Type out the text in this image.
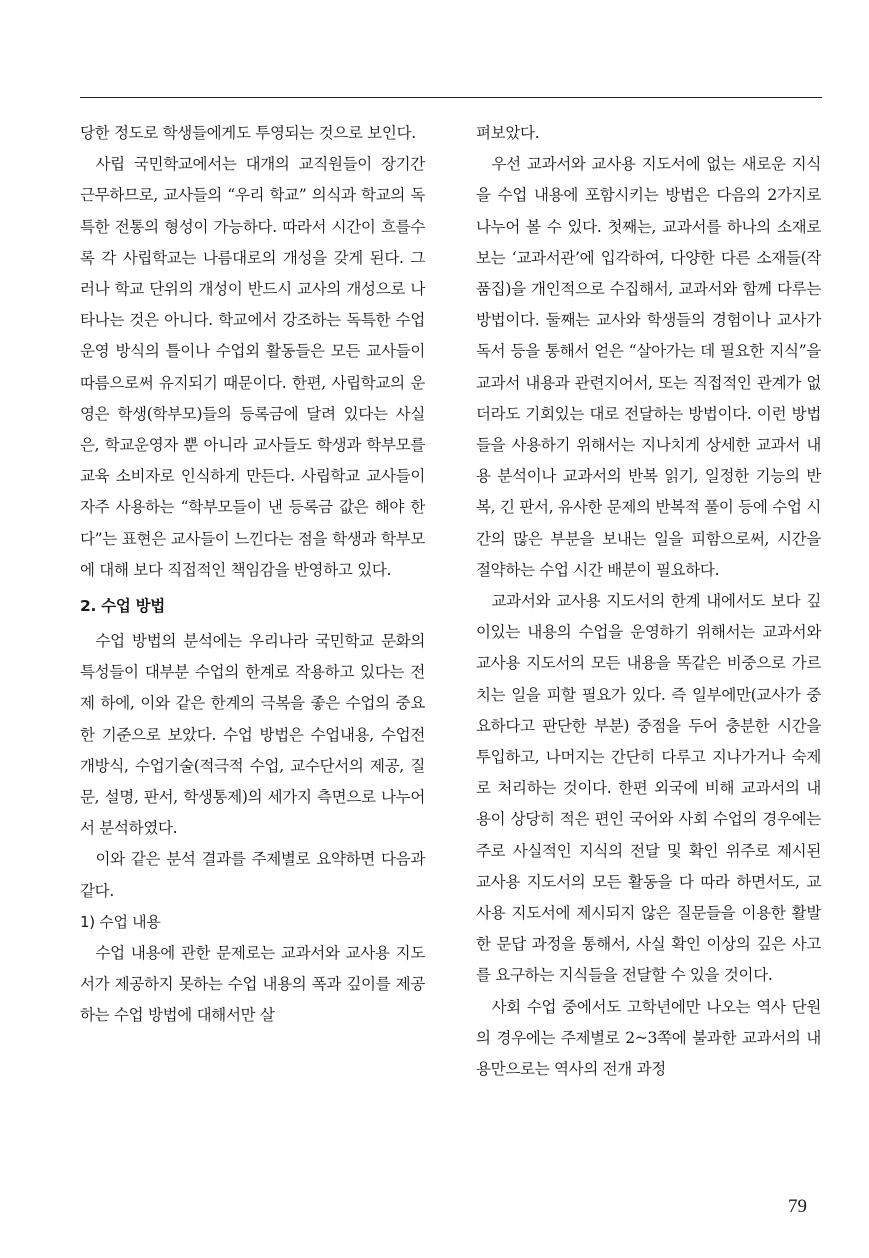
당한 정도로 학생들에게도 투영되는 것으로 보인다.

사립 국민학교에서는 대개의 교직원들이 장기간 근무하므로, 교사들의 “우리 학교” 의식과 학교의 독특한 전통의 형성이 가능하다. 따라서 시간이 흐를수록 각 사립학교는 나름대로의 개성을 갖게 된다. 그러나 학교 단위의 개성이 반드시 교사의 개성으로 나타나는 것은 아니다. 학교에서 강조하는 독특한 수업 운영 방식의 틀이나 수업외 활동들은 모든 교사들이 따름으로써 유지되기 때문이다. 한편, 사립학교의 운영은 학생(학부모)들의 등록금에 달려 있다는 사실은, 학교운영자 뿐 아니라 교사들도 학생과 학부모를 교육 소비자로 인식하게 만든다. 사립학교 교사들이 자주 사용하는 “학부모들이 낸 등록금 값은 해야 한다”는 표현은 교사들이 느낀다는 점을 학생과 학부모에 대해 보다 직접적인 책임감을 반영하고 있다.

2. 수업 방법

수업 방법의 분석에는 우리나라 국민학교 문화의 특성들이 대부분 수업의 한계로 작용하고 있다는 전제 하에, 이와 같은 한계의 극복을 좋은 수업의 중요한 기준으로 보았다. 수업 방법은 수업내용, 수업전개방식, 수업기술(적극적 수업, 교수단서의 제공, 질문, 설명, 판서, 학생통제)의 세가지 측면으로 나누어서 분석하였다.

이와 같은 분석 결과를 주제별로 요약하면 다음과 같다.

1) 수업 내용

수업 내용에 관한 문제로는 교과서와 교사용 지도서가 제공하지 못하는 수업 내용의 폭과 깊이를 제공하는 수업 방법에 대해서만 살

펴보았다.

우선 교과서와 교사용 지도서에 없는 새로운 지식을 수업 내용에 포함시키는 방법은 다음의 2가지로 나누어 볼 수 있다. 첫째는, 교과서를 하나의 소재로 보는 ‘교과서관’에 입각하여, 다양한 다른 소재들(작품집)을 개인적으로 수집해서, 교과서와 함께 다루는 방법이다. 둘째는 교사와 학생들의 경험이나 교사가 독서 등을 통해서 얻은 “살아가는 데 필요한 지식”을 교과서 내용과 관련지어서, 또는 직접적인 관계가 없더라도 기회있는 대로 전달하는 방법이다. 이런 방법들을 사용하기 위해서는 지나치게 상세한 교과서 내용 분석이나 교과서의 반복 읽기, 일정한 기능의 반복, 긴 판서, 유사한 문제의 반복적 풀이 등에 수업 시간의 많은 부분을 보내는 일을 피함으로써, 시간을 절약하는 수업 시간 배분이 필요하다.

교과서와 교사용 지도서의 한계 내에서도 보다 깊이있는 내용의 수업을 운영하기 위해서는 교과서와 교사용 지도서의 모든 내용을 똑같은 비중으로 가르치는 일을 피할 필요가 있다. 즉 일부에만(교사가 중요하다고 판단한 부분) 중점을 두어 충분한 시간을 투입하고, 나머지는 간단히 다루고 지나가거나 숙제로 처리하는 것이다. 한편 외국에 비해 교과서의 내용이 상당히 적은 편인 국어와 사회 수업의 경우에는 주로 사실적인 지식의 전달 및 확인 위주로 제시된 교사용 지도서의 모든 활동을 다 따라 하면서도, 교사용 지도서에 제시되지 않은 질문들을 이용한 활발한 문답 과정을 통해서, 사실 확인 이상의 깊은 사고를 요구하는 지식들을 전달할 수 있을 것이다.

사회 수업 중에서도 고학년에만 나오는 역사 단원의 경우에는 주제별로 2~3쪽에 불과한 교과서의 내용만으로는 역사의 전개 과정

79
